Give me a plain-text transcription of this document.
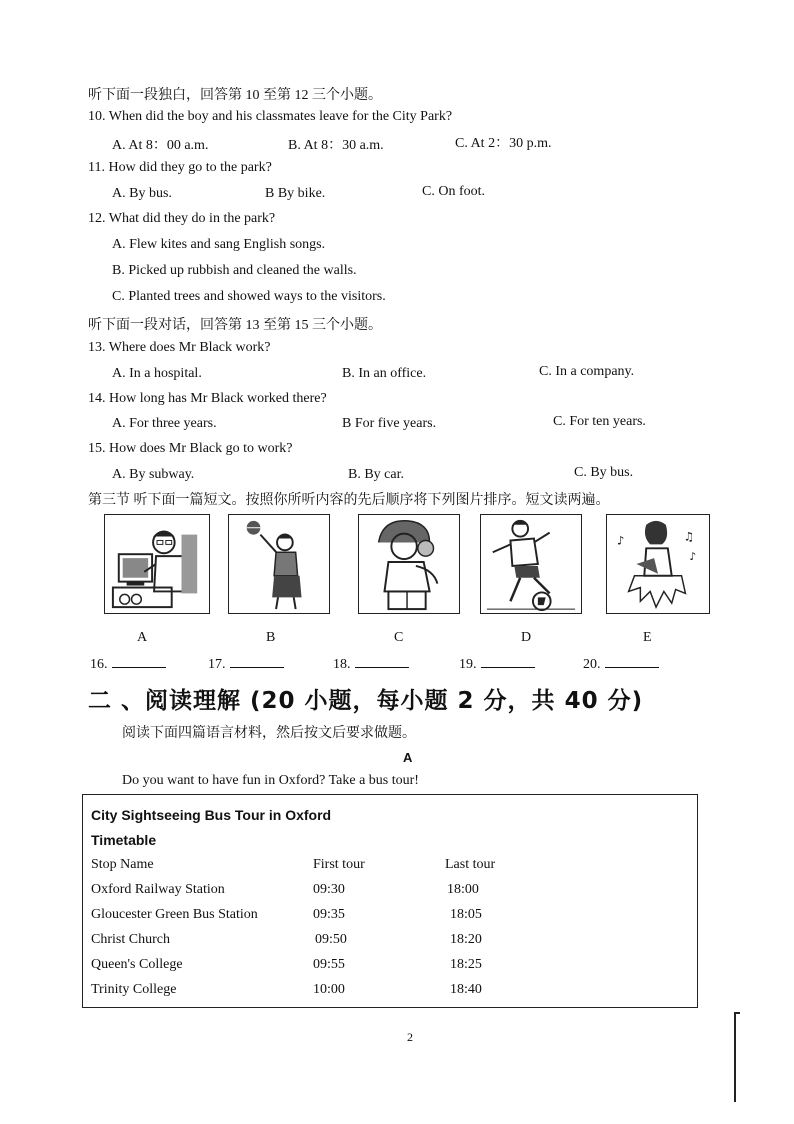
听下面一段独白，回答第 10 至第 12 三个小题。
10. When did the boy and his classmates leave for the City Park?
A. At 8：00 a.m.	B. At 8：30 a.m.	C. At 2：30 p.m.
11. How did they go to the park?
A. By bus.	B By bike.	C. On foot.
12. What did they do in the park?
A. Flew kites and sang English songs.
B. Picked up rubbish and cleaned the walls.
C. Planted trees and showed ways to the visitors.
听下面一段对话，回答第 13 至第 15 三个小题。
13. Where does Mr Black work?
A. In a hospital.	B. In an office.	C. In a company.
14. How long has Mr Black worked there?
A. For three years.	B For five years.	C. For ten years.
15. How does Mr Black go to work?
A. By subway.	B. By car.	C. By bus.
第三节 听下面一篇短文。按照你所听内容的先后顺序将下列图片排序。短文读两遍。
♪	♫
♪
A	B	C	D	E
16.	17.	18.	19.	20.
二 、阅读理解 (20 小题，每小题 2 分，共 40 分)
阅读下面四篇语言材料，然后按文后要求做题。
A
Do you want to have fun in Oxford? Take a bus tour!
City Sightseeing Bus Tour in Oxford
Timetable
Stop Name	First tour	Last tour
Oxford Railway Station	09:30	18:00
Gloucester Green Bus Station	09:35	18:05
Christ Church	09:50	18:20
Queen's College	09:55	18:25
Trinity College	10:00	18:40
2
